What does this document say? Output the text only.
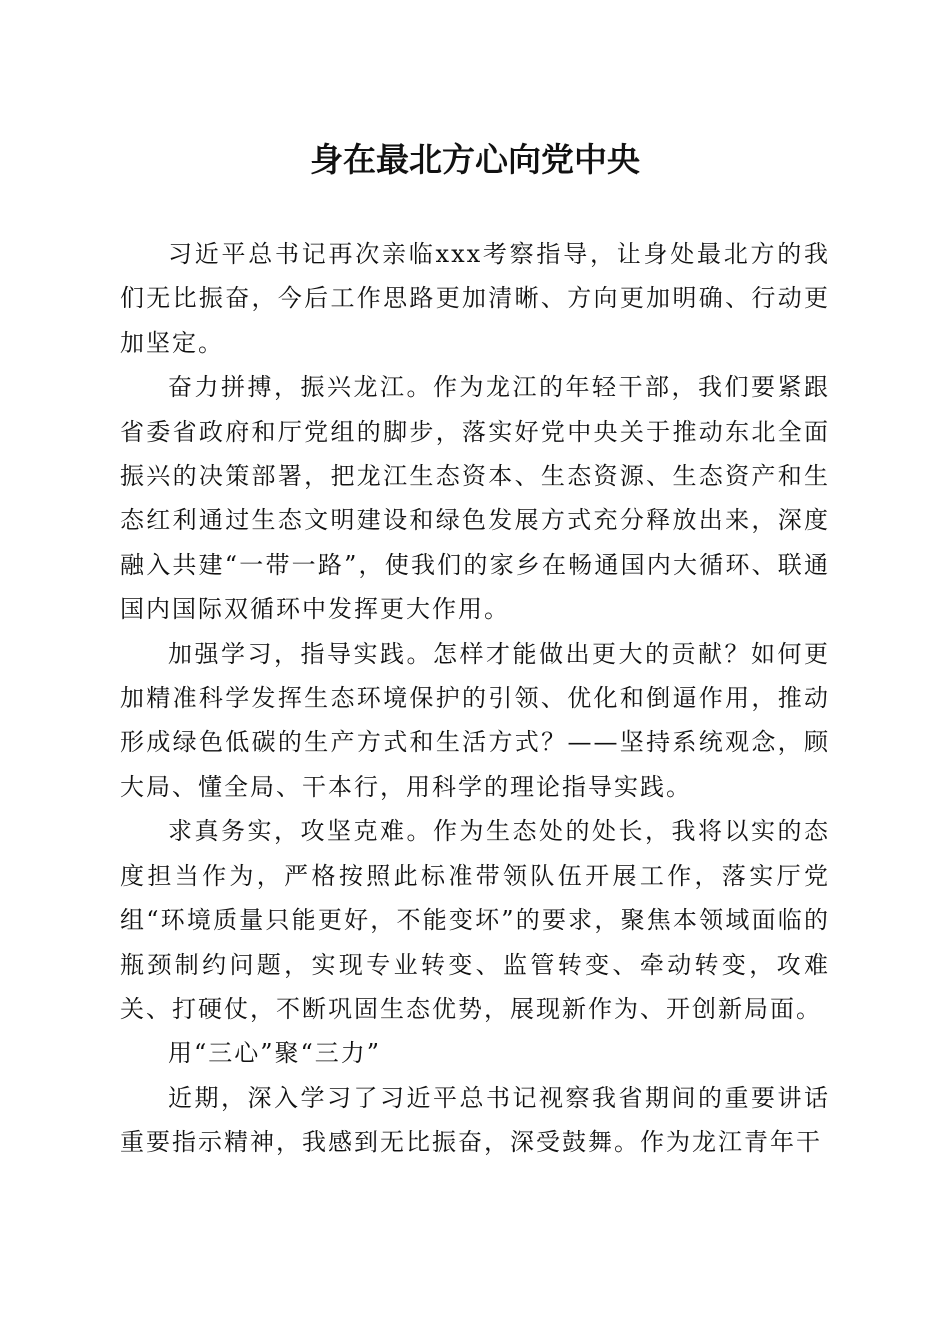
身在最北方心向党中央

习近平总书记再次亲临xxx考察指导，让身处最北方的我们无比振奋，今后工作思路更加清晰、方向更加明确、行动更加坚定。

奋力拼搏，振兴龙江。作为龙江的年轻干部，我们要紧跟省委省政府和厅党组的脚步，落实好党中央关于推动东北全面振兴的决策部署，把龙江生态资本、生态资源、生态资产和生态红利通过生态文明建设和绿色发展方式充分释放出来，深度融入共建“一带一路”，使我们的家乡在畅通国内大循环、联通国内国际双循环中发挥更大作用。

加强学习，指导实践。怎样才能做出更大的贡献？如何更加精准科学发挥生态环境保护的引领、优化和倒逼作用，推动形成绿色低碳的生产方式和生活方式？——坚持系统观念，顾大局、懂全局、干本行，用科学的理论指导实践。

求真务实，攻坚克难。作为生态处的处长，我将以实的态度担当作为，严格按照此标准带领队伍开展工作，落实厅党组“环境质量只能更好，不能变坏”的要求，聚焦本领域面临的瓶颈制约问题，实现专业转变、监管转变、牵动转变，攻难关、打硬仗，不断巩固生态优势，展现新作为、开创新局面。

用“三心”聚“三力”

近期，深入学习了习近平总书记视察我省期间的重要讲话重要指示精神，我感到无比振奋，深受鼓舞。作为龙江青年干
